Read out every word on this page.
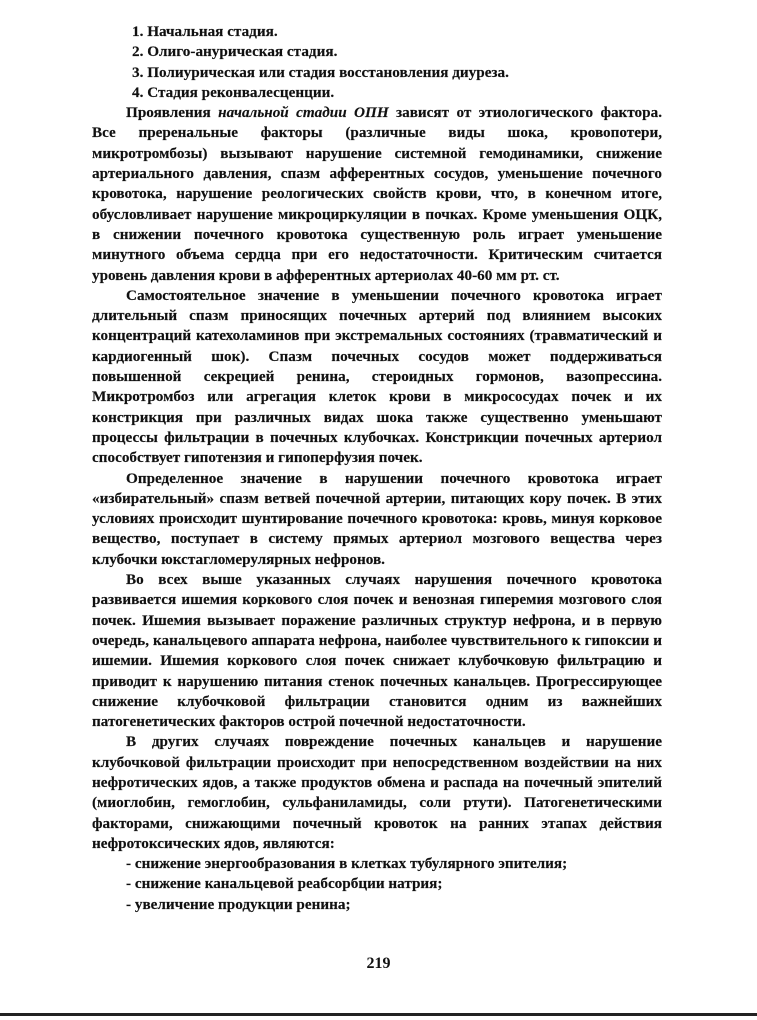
1. Начальная стадия.
2. Олиго-анурическая стадия.
3. Полиурическая или стадия восстановления диуреза.
4. Стадия реконвалесценции.

Проявления начальной стадии ОПН зависят от этиологического фактора. Все преренальные факторы (различные виды шока, кровопотери, микротромбозы) вызывают нарушение системной гемодинамики, снижение артериального давления, спазм афферентных сосудов, уменьшение почечного кровотока, нарушение реологических свойств крови, что, в конечном итоге, обусловливает нарушение микроциркуляции в почках. Кроме уменьшения ОЦК, в снижении почечного кровотока существенную роль играет уменьшение минутного объема сердца при его недостаточности. Критическим считается уровень давления крови в афферентных артериолах 40-60 мм рт. ст.

Самостоятельное значение в уменьшении почечного кровотока играет длительный спазм приносящих почечных артерий под влиянием высоких концентраций катехоламинов при экстремальных состояниях (травматический и кардиогенный шок). Спазм почечных сосудов может поддерживаться повышенной секрецией ренина, стероидных гормонов, вазопрессина. Микротромбоз или агрегация клеток крови в микрососудах почек и их констрикция при различных видах шока также существенно уменьшают процессы фильтрации в почечных клубочках. Констрикции почечных артериол способствует гипотензия и гипоперфузия почек.

Определенное значение в нарушении почечного кровотока играет «избирательный» спазм ветвей почечной артерии, питающих кору почек. В этих условиях происходит шунтирование почечного кровотока: кровь, минуя корковое вещество, поступает в систему прямых артериол мозгового вещества через клубочки юкстагломерулярных нефронов.

Во всех выше указанных случаях нарушения почечного кровотока развивается ишемия коркового слоя почек и венозная гиперемия мозгового слоя почек. Ишемия вызывает поражение различных структур нефрона, и в первую очередь, канальцевого аппарата нефрона, наиболее чувствительного к гипоксии и ишемии. Ишемия коркового слоя почек снижает клубочковую фильтрацию и приводит к нарушению питания стенок почечных канальцев. Прогрессирующее снижение клубочковой фильтрации становится одним из важнейших патогенетических факторов острой почечной недостаточности.

В других случаях повреждение почечных канальцев и нарушение клубочковой фильтрации происходит при непосредственном воздействии на них нефротических ядов, а также продуктов обмена и распада на почечный эпителий (миоглобин, гемоглобин, сульфаниламиды, соли ртути). Патогенетическими факторами, снижающими почечный кровоток на ранних этапах действия нефротоксических ядов, являются:

- снижение энергообразования в клетках тубулярного эпителия;
- снижение канальцевой реабсорбции натрия;
- увеличение продукции ренина;
219
